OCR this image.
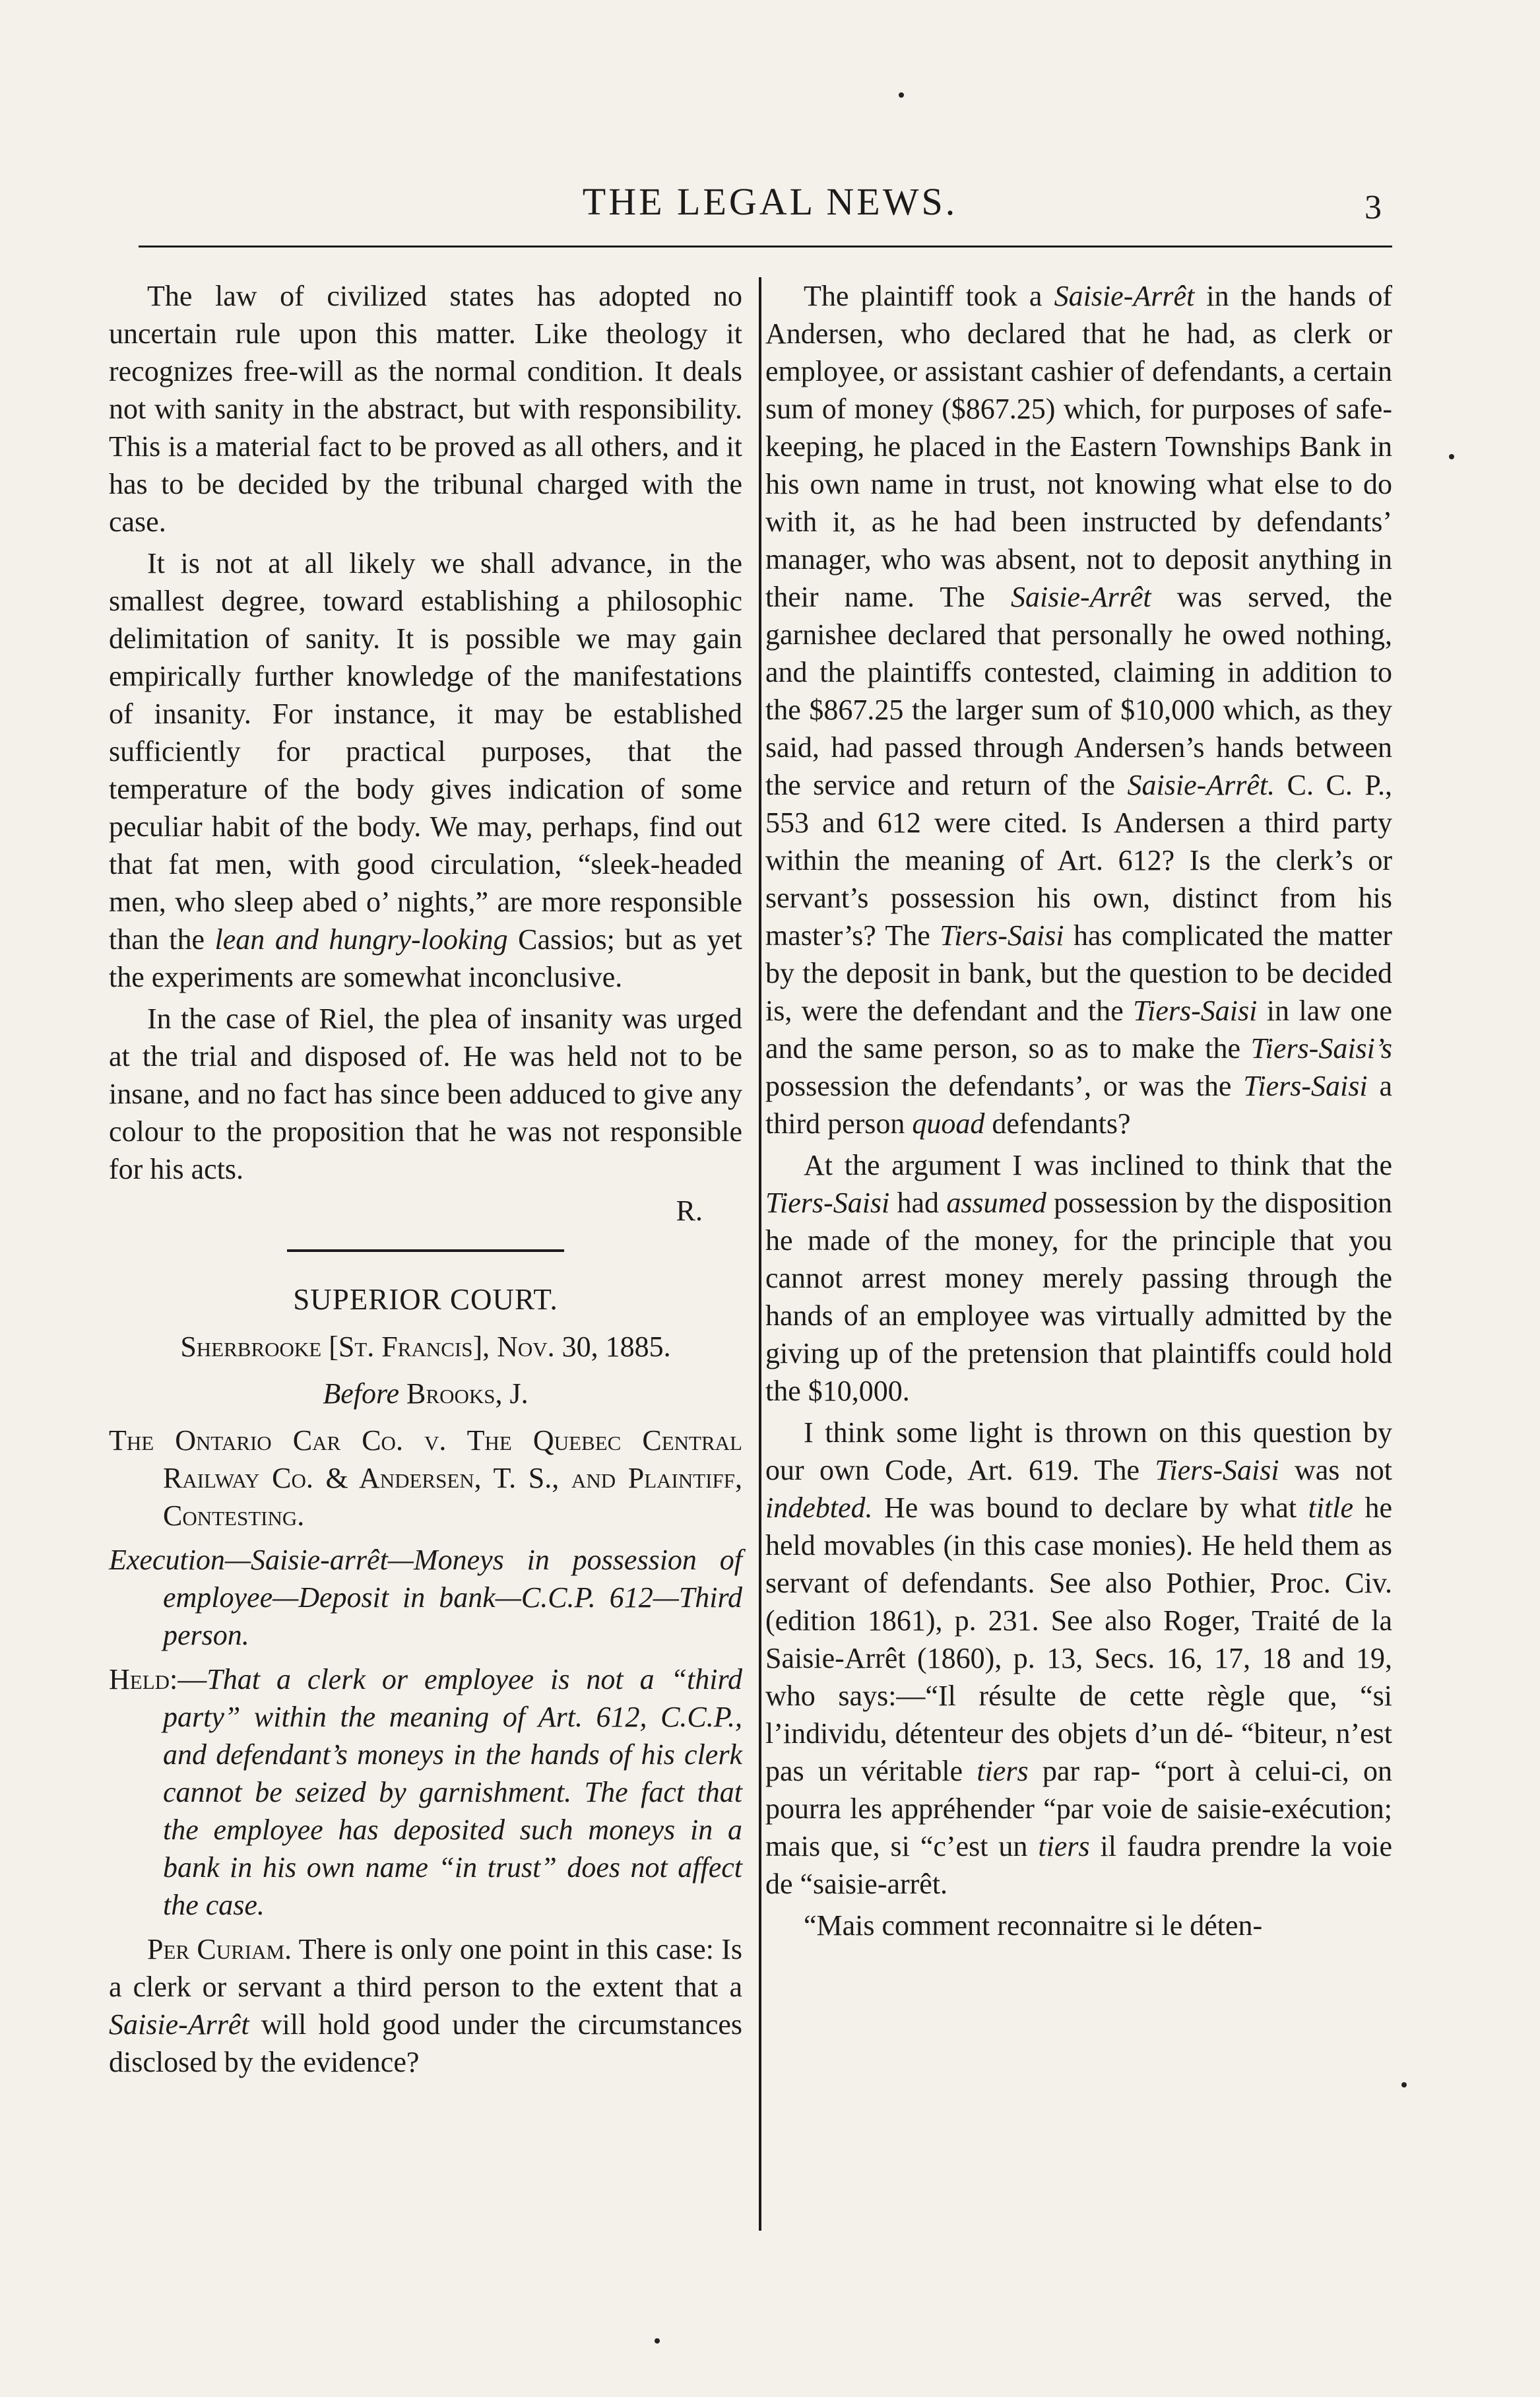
THE LEGAL NEWS.	3

The law of civilized states has adopted no uncertain rule upon this matter. Like theology it recognizes free-will as the normal condition. It deals not with sanity in the abstract, but with responsibility. This is a material fact to be proved as all others, and it has to be decided by the tribunal charged with the case.

It is not at all likely we shall advance, in the smallest degree, toward establishing a philosophic delimitation of sanity. It is possible we may gain empirically further knowledge of the manifestations of insanity. For instance, it may be established sufficiently for practical purposes, that the temperature of the body gives indication of some peculiar habit of the body. We may, perhaps, find out that fat men, with good circulation, “sleek-headed men, who sleep abed o’ nights,” are more responsible than the lean and hungry-looking Cassios; but as yet the experiments are somewhat inconclusive.

In the case of Riel, the plea of insanity was urged at the trial and disposed of. He was held not to be insane, and no fact has since been adduced to give any colour to the proposition that he was not responsible for his acts.

R.
SUPERIOR COURT.
Sherbrooke [St. Francis], Nov. 30, 1885.
Before Brooks, J.

The Ontario Car Co. v. The Quebec Central Railway Co. & Andersen, T. S., and Plaintiff, Contesting.

Execution—Saisie-arrêt—Moneys in possession of employee—Deposit in bank—C.C.P. 612—Third person.

Held:—That a clerk or employee is not a “third party” within the meaning of Art. 612, C.C.P., and defendant’s moneys in the hands of his clerk cannot be seized by garnishment. The fact that the employee has deposited such moneys in a bank in his own name “in trust” does not affect the case.

Per Curiam. There is only one point in this case: Is a clerk or servant a third person to the extent that a Saisie-Arrêt will hold good under the circumstances disclosed by the evidence?

The plaintiff took a Saisie-Arrêt in the hands of Andersen, who declared that he had, as clerk or employee, or assistant cashier of defendants, a certain sum of money ($867.25) which, for purposes of safe-keeping, he placed in the Eastern Townships Bank in his own name in trust, not knowing what else to do with it, as he had been instructed by defendants’ manager, who was absent, not to deposit anything in their name. The Saisie-Arrêt was served, the garnishee declared that personally he owed nothing, and the plaintiffs contested, claiming in addition to the $867.25 the larger sum of $10,000 which, as they said, had passed through Andersen’s hands between the service and return of the Saisie-Arrêt. C. C. P., 553 and 612 were cited. Is Andersen a third party within the meaning of Art. 612? Is the clerk’s or servant’s possession his own, distinct from his master’s? The Tiers-Saisi has complicated the matter by the deposit in bank, but the question to be decided is, were the defendant and the Tiers-Saisi in law one and the same person, so as to make the Tiers-Saisi’s possession the defendants’, or was the Tiers-Saisi a third person quoad defendants?

At the argument I was inclined to think that the Tiers-Saisi had assumed possession by the disposition he made of the money, for the principle that you cannot arrest money merely passing through the hands of an employee was virtually admitted by the giving up of the pretension that plaintiffs could hold the $10,000.

I think some light is thrown on this question by our own Code, Art. 619. The Tiers-Saisi was not indebted. He was bound to declare by what title he held movables (in this case monies). He held them as servant of defendants. See also Pothier, Proc. Civ. (edition 1861), p. 231. See also Roger, Traité de la Saisie-Arrêt (1860), p. 13, Secs. 16, 17, 18 and 19, who says:—“Il résulte de cette règle que, “si l’individu, détenteur des objets d’un dé- “biteur, n’est pas un véritable tiers par rap- “port à celui-ci, on pourra les appréhender “par voie de saisie-exécution; mais que, si “c’est un tiers il faudra prendre la voie de “saisie-arrêt.

“Mais comment reconnaitre si le déten-
